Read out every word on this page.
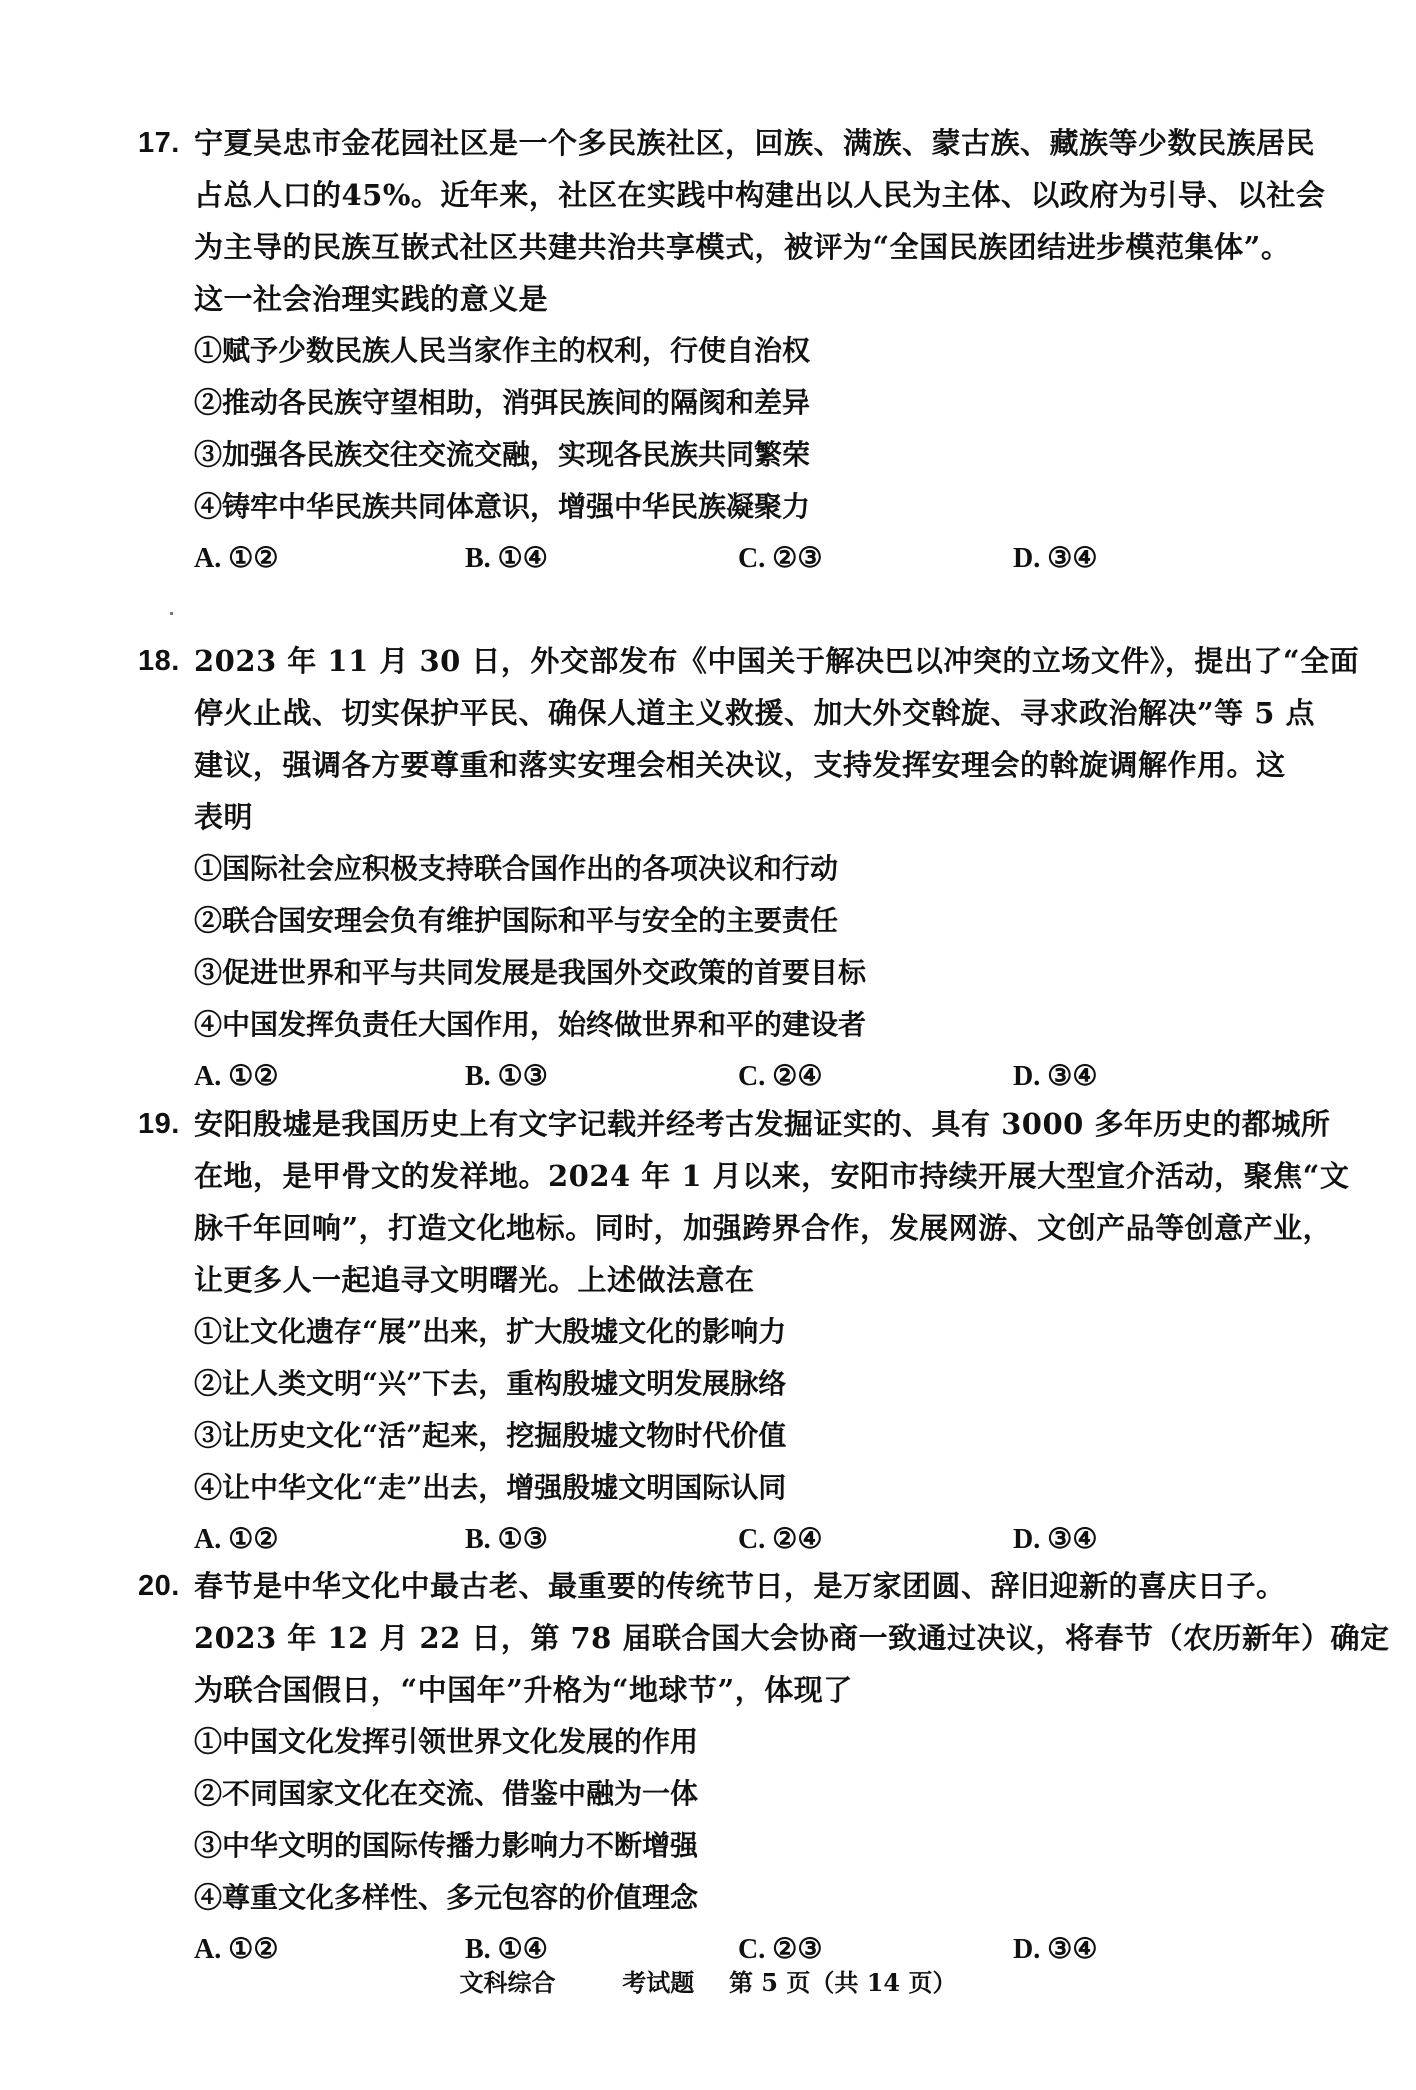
17. 宁夏吴忠市金花园社区是一个多民族社区，回族、满族、蒙古族、藏族等少数民族居民
占总人口的45%。近年来，社区在实践中构建出以人民为主体、以政府为引导、以社会
为主导的民族互嵌式社区共建共治共享模式，被评为“全国民族团结进步模范集体”。
这一社会治理实践的意义是
①赋予少数民族人民当家作主的权利，行使自治权
②推动各民族守望相助，消弭民族间的隔阂和差异
③加强各民族交往交流交融，实现各民族共同繁荣
④铸牢中华民族共同体意识，增强中华民族凝聚力
A. ①②	B. ①④	C. ②③	D. ③④
18. 2023 年 11 月 30 日，外交部发布《中国关于解决巴以冲突的立场文件》，提出了“全面
停火止战、切实保护平民、确保人道主义救援、加大外交斡旋、寻求政治解决”等 5 点
建议，强调各方要尊重和落实安理会相关决议，支持发挥安理会的斡旋调解作用。这
表明
①国际社会应积极支持联合国作出的各项决议和行动
②联合国安理会负有维护国际和平与安全的主要责任
③促进世界和平与共同发展是我国外交政策的首要目标
④中国发挥负责任大国作用，始终做世界和平的建设者
A. ①②	B. ①③	C. ②④	D. ③④
19. 安阳殷墟是我国历史上有文字记载并经考古发掘证实的、具有 3000 多年历史的都城所
在地，是甲骨文的发祥地。2024 年 1 月以来，安阳市持续开展大型宣介活动，聚焦“文
脉千年回响”，打造文化地标。同时，加强跨界合作，发展网游、文创产品等创意产业，
让更多人一起追寻文明曙光。上述做法意在
①让文化遗存“展”出来，扩大殷墟文化的影响力
②让人类文明“兴”下去，重构殷墟文明发展脉络
③让历史文化“活”起来，挖掘殷墟文物时代价值
④让中华文化“走”出去，增强殷墟文明国际认同
A. ①②	B. ①③	C. ②④	D. ③④
20. 春节是中华文化中最古老、最重要的传统节日，是万家团圆、辞旧迎新的喜庆日子。
2023 年 12 月 22 日，第 78 届联合国大会协商一致通过决议，将春节（农历新年）确定
为联合国假日，“中国年”升格为“地球节”，体现了
①中国文化发挥引领世界文化发展的作用
②不同国家文化在交流、借鉴中融为一体
③中华文明的国际传播力影响力不断增强
④尊重文化多样性、多元包容的价值理念
A. ①②	B. ①④	C. ②③	D. ③④
文科综合	考试题 第 5 页（共 14 页）
